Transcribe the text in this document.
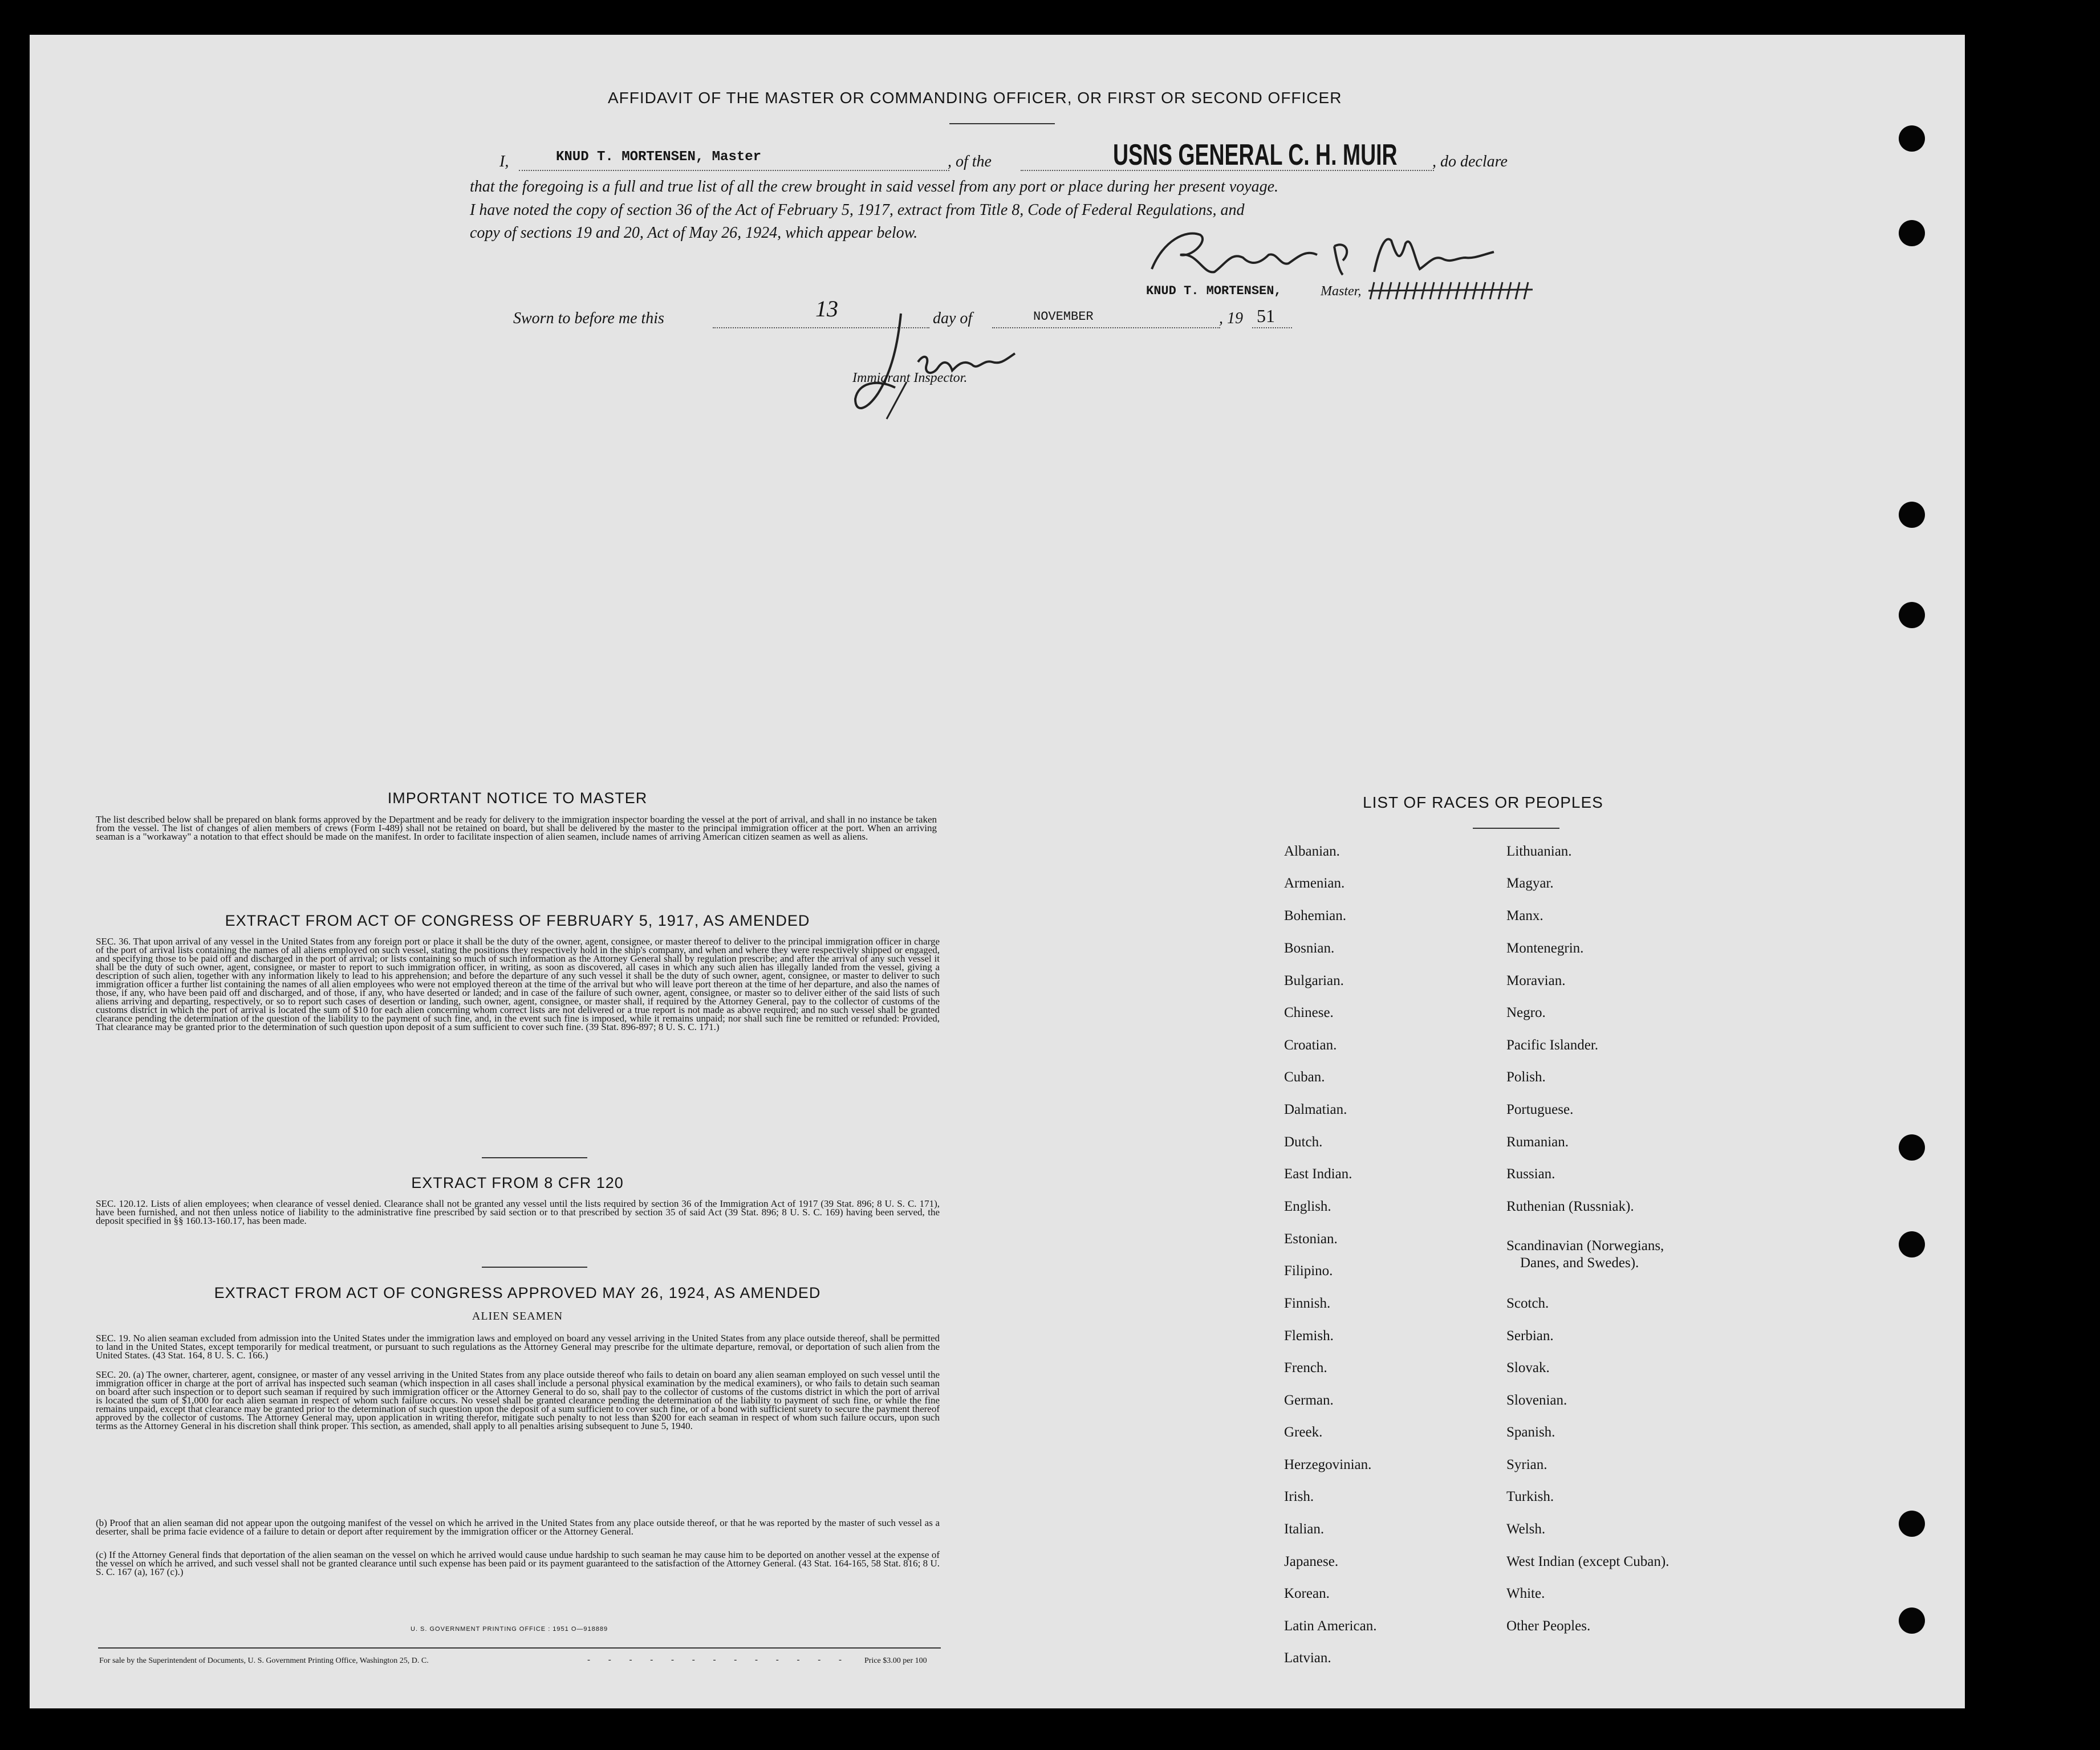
AFFIDAVIT OF THE MASTER OR COMMANDING OFFICER, OR FIRST OR SECOND OFFICER
I,	KNUD T. MORTENSEN, Master	, of the	USNS GENERAL C. H. MUIR , do declare
that the foregoing is a full and true list of all the crew brought in said vessel from any port or place during her present voyage.
I have noted the copy of section 36 of the Act of February 5, 1917, extract from Title 8, Code of Federal Regulations, and
copy of sections 19 and 20, Act of May 26, 1924, which appear below.
KNUD T. MORTENSEN,	Master,
Sworn to before me this	13	day of	NOVEMBER	, 19 51
Immigrant Inspector.
IMPORTANT NOTICE TO MASTER
The list described below shall be prepared on blank forms approved by the Department and be ready for delivery to the immigration inspector boarding the vessel at the port of arrival, and shall in no instance be taken from the vessel. The list of changes of alien members of crews (Form I-489) shall not be retained on board, but shall be delivered by the master to the principal immigration officer at the port. When an arriving seaman is a "workaway" a notation to that effect should be made on the manifest. In order to facilitate inspection of alien seamen, include names of arriving American citizen seamen as well as aliens.
EXTRACT FROM ACT OF CONGRESS OF FEBRUARY 5, 1917, AS AMENDED
SEC. 36. That upon arrival of any vessel in the United States from any foreign port or place it shall be the duty of the owner, agent, consignee, or master thereof to deliver to the principal immigration officer in charge of the port of arrival lists containing the names of all aliens employed on such vessel, stating the positions they respectively hold in the ship's company, and when and where they were respectively shipped or engaged, and specifying those to be paid off and discharged in the port of arrival; or lists containing so much of such information as the Attorney General shall by regulation prescribe; and after the arrival of any such vessel it shall be the duty of such owner, agent, consignee, or master to report to such immigration officer, in writing, as soon as discovered, all cases in which any such alien has illegally landed from the vessel, giving a description of such alien, together with any information likely to lead to his apprehension; and before the departure of any such vessel it shall be the duty of such owner, agent, consignee, or master to deliver to such immigration officer a further list containing the names of all alien employees who were not employed thereon at the time of the arrival but who will leave port thereon at the time of her departure, and also the names of those, if any, who have been paid off and discharged, and of those, if any, who have deserted or landed; and in case of the failure of such owner, agent, consignee, or master so to deliver either of the said lists of such aliens arriving and departing, respectively, or so to report such cases of desertion or landing, such owner, agent, consignee, or master shall, if required by the Attorney General, pay to the collector of customs of the customs district in which the port of arrival is located the sum of $10 for each alien concerning whom correct lists are not delivered or a true report is not made as above required; and no such vessel shall be granted clearance pending the determination of the question of the liability to the payment of such fine, and, in the event such fine is imposed, while it remains unpaid; nor shall such fine be remitted or refunded: Provided, That clearance may be granted prior to the determination of such question upon deposit of a sum sufficient to cover such fine. (39 Stat. 896-897; 8 U. S. C. 171.)
EXTRACT FROM 8 CFR 120
SEC. 120.12. Lists of alien employees; when clearance of vessel denied. Clearance shall not be granted any vessel until the lists required by section 36 of the Immigration Act of 1917 (39 Stat. 896; 8 U. S. C. 171), have been furnished, and not then unless notice of liability to the administrative fine prescribed by said section or to that prescribed by section 35 of said Act (39 Stat. 896; 8 U. S. C. 169) having been served, the deposit specified in §§ 160.13-160.17, has been made.
EXTRACT FROM ACT OF CONGRESS APPROVED MAY 26, 1924, AS AMENDED
ALIEN SEAMEN
SEC. 19. No alien seaman excluded from admission into the United States under the immigration laws and employed on board any vessel arriving in the United States from any place outside thereof, shall be permitted to land in the United States, except temporarily for medical treatment, or pursuant to such regulations as the Attorney General may prescribe for the ultimate departure, removal, or deportation of such alien from the United States. (43 Stat. 164, 8 U. S. C. 166.)
SEC. 20. (a) The owner, charterer, agent, consignee, or master of any vessel arriving in the United States from any place outside thereof who fails to detain on board any alien seaman employed on such vessel until the immigration officer in charge at the port of arrival has inspected such seaman (which inspection in all cases shall include a personal physical examination by the medical examiners), or who fails to detain such seaman on board after such inspection or to deport such seaman if required by such immigration officer or the Attorney General to do so, shall pay to the collector of customs of the customs district in which the port of arrival is located the sum of $1,000 for each alien seaman in respect of whom such failure occurs. No vessel shall be granted clearance pending the determination of the liability to payment of such fine, or while the fine remains unpaid, except that clearance may be granted prior to the determination of such question upon the deposit of a sum sufficient to cover such fine, or of a bond with sufficient surety to secure the payment thereof approved by the collector of customs. The Attorney General may, upon application in writing therefor, mitigate such penalty to not less than $200 for each seaman in respect of whom such failure occurs, upon such terms as the Attorney General in his discretion shall think proper. This section, as amended, shall apply to all penalties arising subsequent to June 5, 1940.
(b) Proof that an alien seaman did not appear upon the outgoing manifest of the vessel on which he arrived in the United States from any place outside thereof, or that he was reported by the master of such vessel as a deserter, shall be prima facie evidence of a failure to detain or deport after requirement by the immigration officer or the Attorney General.
(c) If the Attorney General finds that deportation of the alien seaman on the vessel on which he arrived would cause undue hardship to such seaman he may cause him to be deported on another vessel at the expense of the vessel on which he arrived, and such vessel shall not be granted clearance until such expense has been paid or its payment guaranteed to the satisfaction of the Attorney General. (43 Stat. 164-165, 58 Stat. 816; 8 U. S. C. 167 (a), 167 (c).)
U. S. GOVERNMENT PRINTING OFFICE : 1951 O—918889
For sale by the Superintendent of Documents, U. S. Government Printing Office, Washington 25, D. C.	- - - - - - - - - - - - - Price $3.00 per 100
LIST OF RACES OR PEOPLES
Albanian.
Armenian.
Bohemian.
Bosnian.
Bulgarian.
Chinese.
Croatian.
Cuban.
Dalmatian.
Dutch.
East Indian.
English.
Estonian.
Filipino.
Finnish.
Flemish.
French.
German.
Greek.
Herzegovinian.
Irish.
Italian.
Japanese.
Korean.
Latin American.
Latvian.
Lithuanian.
Magyar.
Manx.
Montenegrin.
Moravian.
Negro.
Pacific Islander.
Polish.
Portuguese.
Rumanian.
Russian.
Ruthenian (Russniak).
Scandinavian (Norwegians,
Danes, and Swedes).
Scotch.
Serbian.
Slovak.
Slovenian.
Spanish.
Syrian.
Turkish.
Welsh.
West Indian (except Cuban).
White.
Other Peoples.
